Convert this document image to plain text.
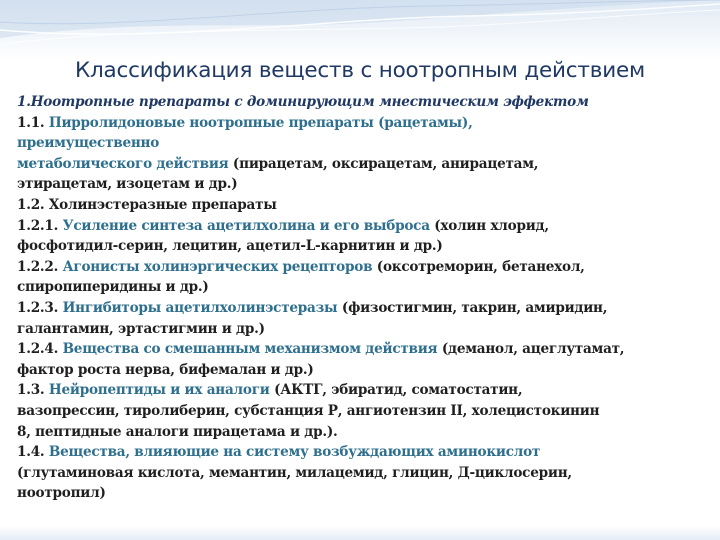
Классификация веществ с ноотропным действием
1.Ноотропные препараты с доминирующим мнестическим эффектом
1.1. Пирролидоновые ноотропные препараты (рацетамы),
преимущественно
метаболического действия (пирацетам, оксирацетам, анирацетам,
этирацетам, изоцетам и др.)
1.2. Холинэстеразные препараты
1.2.1. Усиление синтеза ацетилхолина и его выброса (холин хлорид,
фосфотидил-серин, лецитин, ацетил-L-карнитин и др.)
1.2.2. Агонисты холинэргических рецепторов (оксотреморин, бетанехол,
спиропиперидины и др.)
1.2.3. Ингибиторы ацетилхолинэстеразы (физостигмин, такрин, амиридин,
галантамин, эртастигмин и др.)
1.2.4. Вещества со смешанным механизмом действия (деманол, ацеглутамат,
фактор роста нерва, бифемалан и др.)
1.3. Нейропептиды и их аналоги (АКТГ, эбиратид, соматостатин,
вазопрессин, тиролиберин, субстанция Р, ангиотензин II, холецистокинин
8, пептидные аналоги пирацетама и др.).
1.4. Вещества, влияющие на систему возбуждающих аминокислот
(глутаминовая кислота, мемантин, милацемид, глицин, Д-циклосерин,
ноотропил)
